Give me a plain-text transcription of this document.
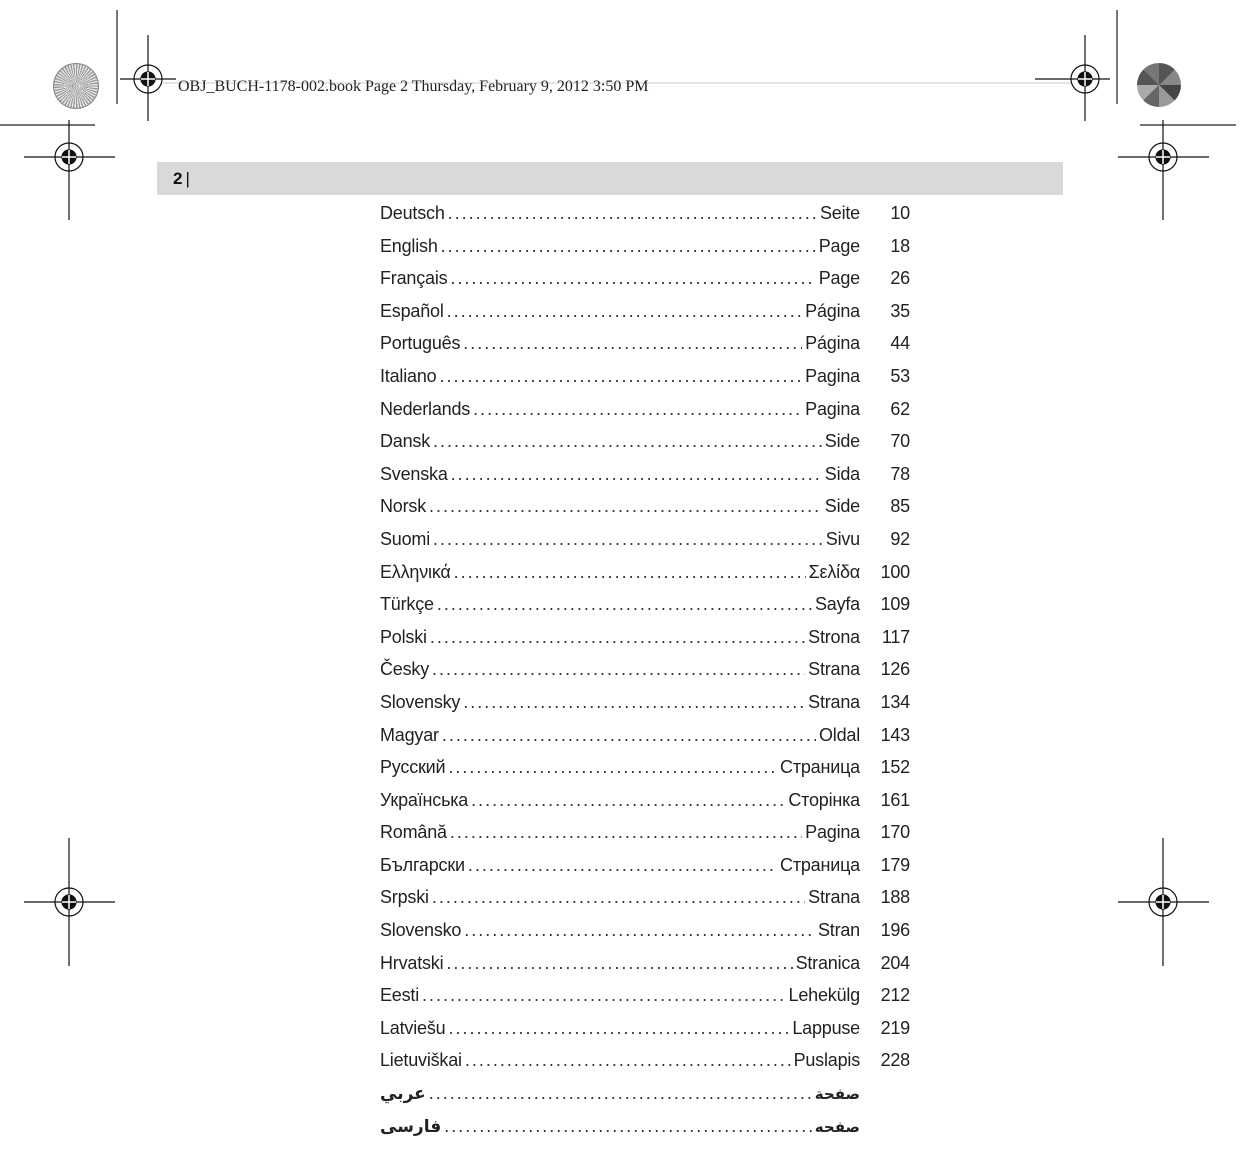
OBJ_BUCH-1178-002.book Page 2 Thursday, February 9, 2012 3:50 PM
2 |
Deutsch .....	Seite	10
English .....	Page	18
Français .....	Page	26
Español .....	Página	35
Português .....	Página	44
Italiano .....	Pagina	53
Nederlands .....	Pagina	62
Dansk .....	Side	70
Svenska .....	Sida	78
Norsk .....	Side	85
Suomi .....	Sivu	92
Ελληνικά .....	Σελίδα	100
Türkçe .....	Sayfa	109
Polski .....	Strona	117
Česky .....	Strana	126
Slovensky .....	Strana	134
Magyar .....	Oldal	143
Русский .....	Страница	152
Українська .....	Сторінка	161
Română .....	Pagina	170
Български .....	Страница	179
Srpski .....	Strana	188
Slovensko .....	Stran	196
Hrvatski .....	Stranica	204
Eesti .....	Lehekülg	212
Latviešu .....	Lappuse	219
Lietuviškai .....	Puslapis	228
عربي .....	صفحة
فارسی .....	صفحه
